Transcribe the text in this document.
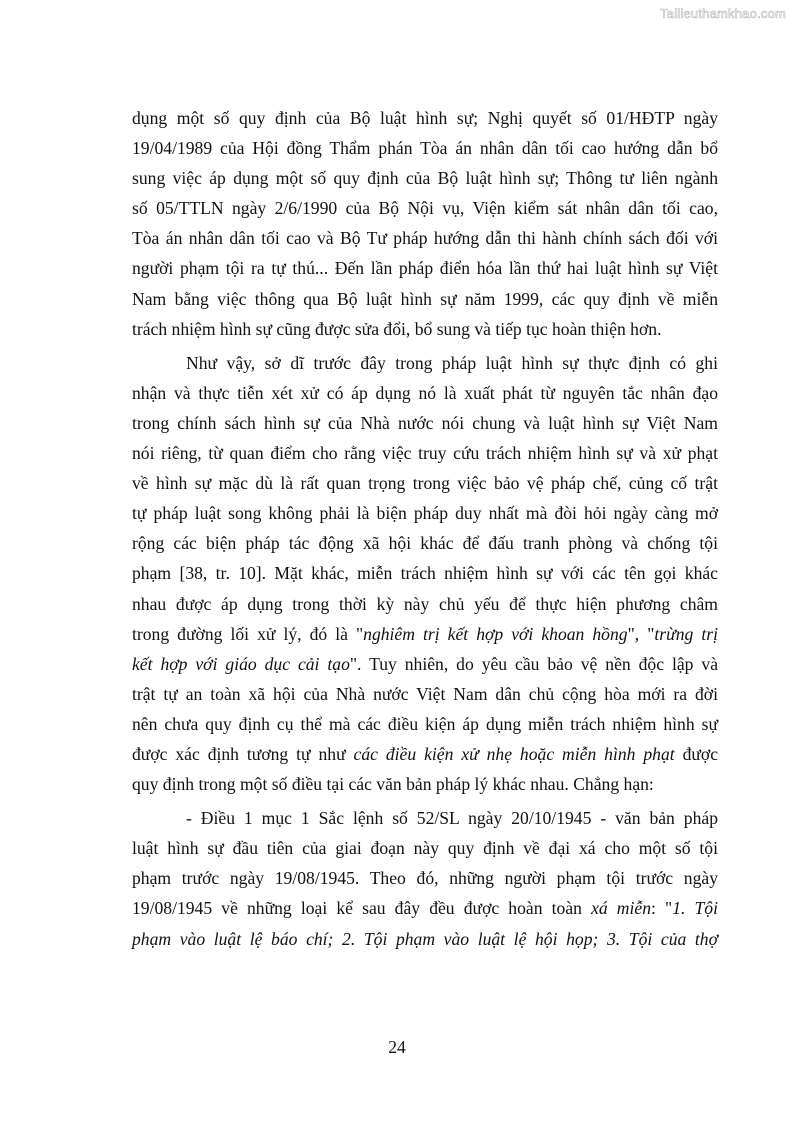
Tailieuthamkhao.com
dụng một số quy định của Bộ luật hình sự; Nghị quyết số 01/HĐTP ngày
19/04/1989 của Hội đồng Thẩm phán Tòa án nhân dân tối cao hướng dẫn bổ
sung việc áp dụng một số quy định của Bộ luật hình sự; Thông tư liên ngành
số 05/TTLN ngày 2/6/1990 của Bộ Nội vụ, Viện kiểm sát nhân dân tối cao,
Tòa án nhân dân tối cao và Bộ Tư pháp hướng dẫn thi hành chính sách đối với
người phạm tội ra tự thú... Đến lần pháp điển hóa lần thứ hai luật hình sự Việt
Nam bằng việc thông qua Bộ luật hình sự năm 1999, các quy định về miễn
trách nhiệm hình sự cũng được sửa đổi, bổ sung và tiếp tục hoàn thiện hơn.
Như vậy, sở dĩ trước đây trong pháp luật hình sự thực định có ghi
nhận và thực tiễn xét xử có áp dụng nó là xuất phát từ nguyên tắc nhân đạo
trong chính sách hình sự của Nhà nước nói chung và luật hình sự Việt Nam
nói riêng, từ quan điểm cho rằng việc truy cứu trách nhiệm hình sự và xử phạt
về hình sự mặc dù là rất quan trọng trong việc bảo vệ pháp chế, củng cố trật
tự pháp luật song không phải là biện pháp duy nhất mà đòi hỏi ngày càng mở
rộng các biện pháp tác động xã hội khác để đấu tranh phòng và chống tội
phạm [38, tr. 10]. Mặt khác, miễn trách nhiệm hình sự với các tên gọi khác
nhau được áp dụng trong thời kỳ này chủ yếu để thực hiện phương châm
trong đường lối xử lý, đó là "nghiêm trị kết hợp với khoan hồng", "trừng trị
kết hợp với giáo dục cải tạo". Tuy nhiên, do yêu cầu bảo vệ nền độc lập và
trật tự an toàn xã hội của Nhà nước Việt Nam dân chủ cộng hòa mới ra đời
nên chưa quy định cụ thể mà các điều kiện áp dụng miễn trách nhiệm hình sự
được xác định tương tự như các điều kiện xử nhẹ hoặc miễn hình phạt được
quy định trong một số điều tại các văn bản pháp lý khác nhau. Chẳng hạn:
- Điều 1 mục 1 Sắc lệnh số 52/SL ngày 20/10/1945 - văn bản pháp
luật hình sự đầu tiên của giai đoạn này quy định về đại xá cho một số tội
phạm trước ngày 19/08/1945. Theo đó, những người phạm tội trước ngày
19/08/1945 về những loại kể sau đây đều được hoàn toàn xá miễn: "1. Tội
phạm vào luật lệ báo chí; 2. Tội phạm vào luật lệ hội họp; 3. Tội của thợ
24
